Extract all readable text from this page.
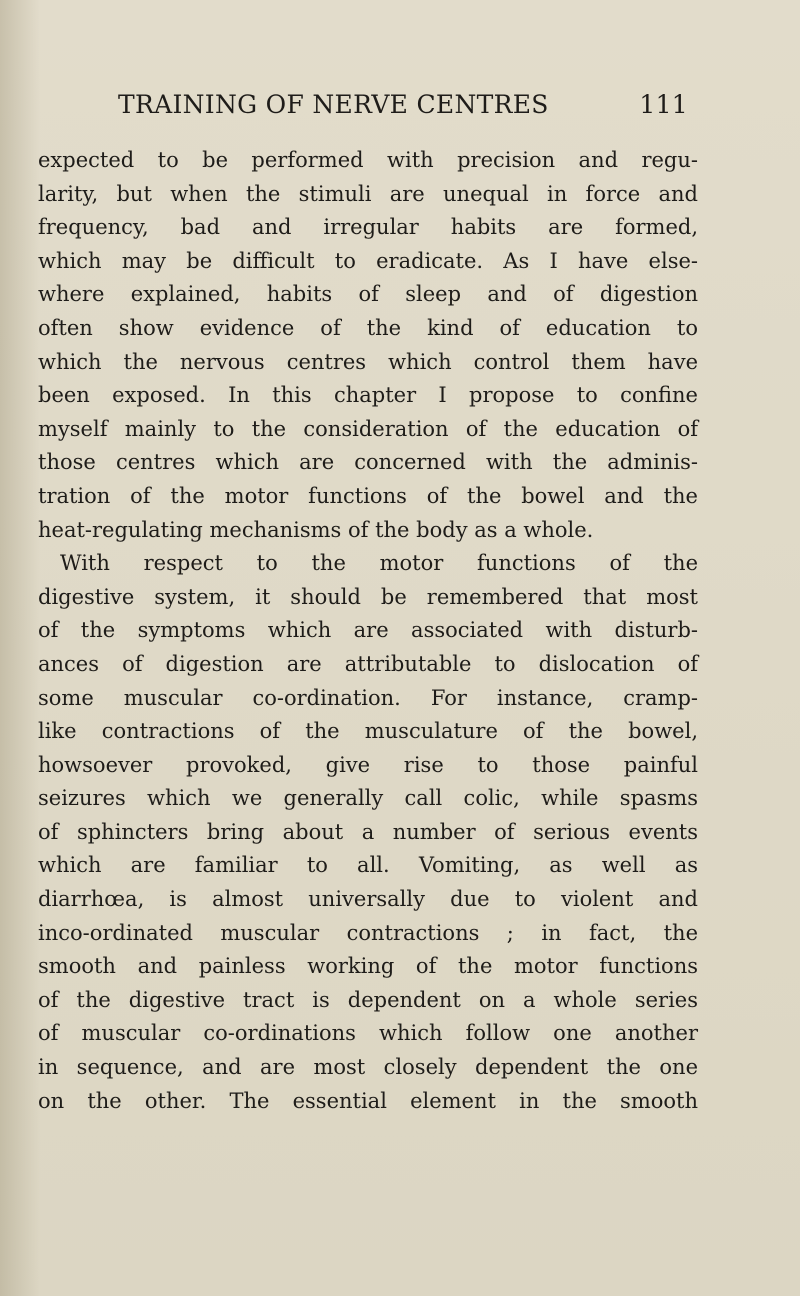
TRAINING OF NERVE CENTRES	111
expected to be performed with precision and regu-
larity, but when the stimuli are unequal in force and
frequency, bad and irregular habits are formed,
which may be difficult to eradicate. As I have else-
where explained, habits of sleep and of digestion
often show evidence of the kind of education to
which the nervous centres which control them have
been exposed. In this chapter I propose to confine
myself mainly to the consideration of the education of
those centres which are concerned with the adminis-
tration of the motor functions of the bowel and the
heat-regulating mechanisms of the body as a whole.
With respect to the motor functions of the
digestive system, it should be remembered that most
of the symptoms which are associated with disturb-
ances of digestion are attributable to dislocation of
some muscular co-ordination. For instance, cramp-
like contractions of the musculature of the bowel,
howsoever provoked, give rise to those painful
seizures which we generally call colic, while spasms
of sphincters bring about a number of serious events
which are familiar to all. Vomiting, as well as
diarrhœa, is almost universally due to violent and
inco-ordinated muscular contractions ; in fact, the
smooth and painless working of the motor functions
of the digestive tract is dependent on a whole series
of muscular co-ordinations which follow one another
in sequence, and are most closely dependent the one
on the other. The essential element in the smooth
